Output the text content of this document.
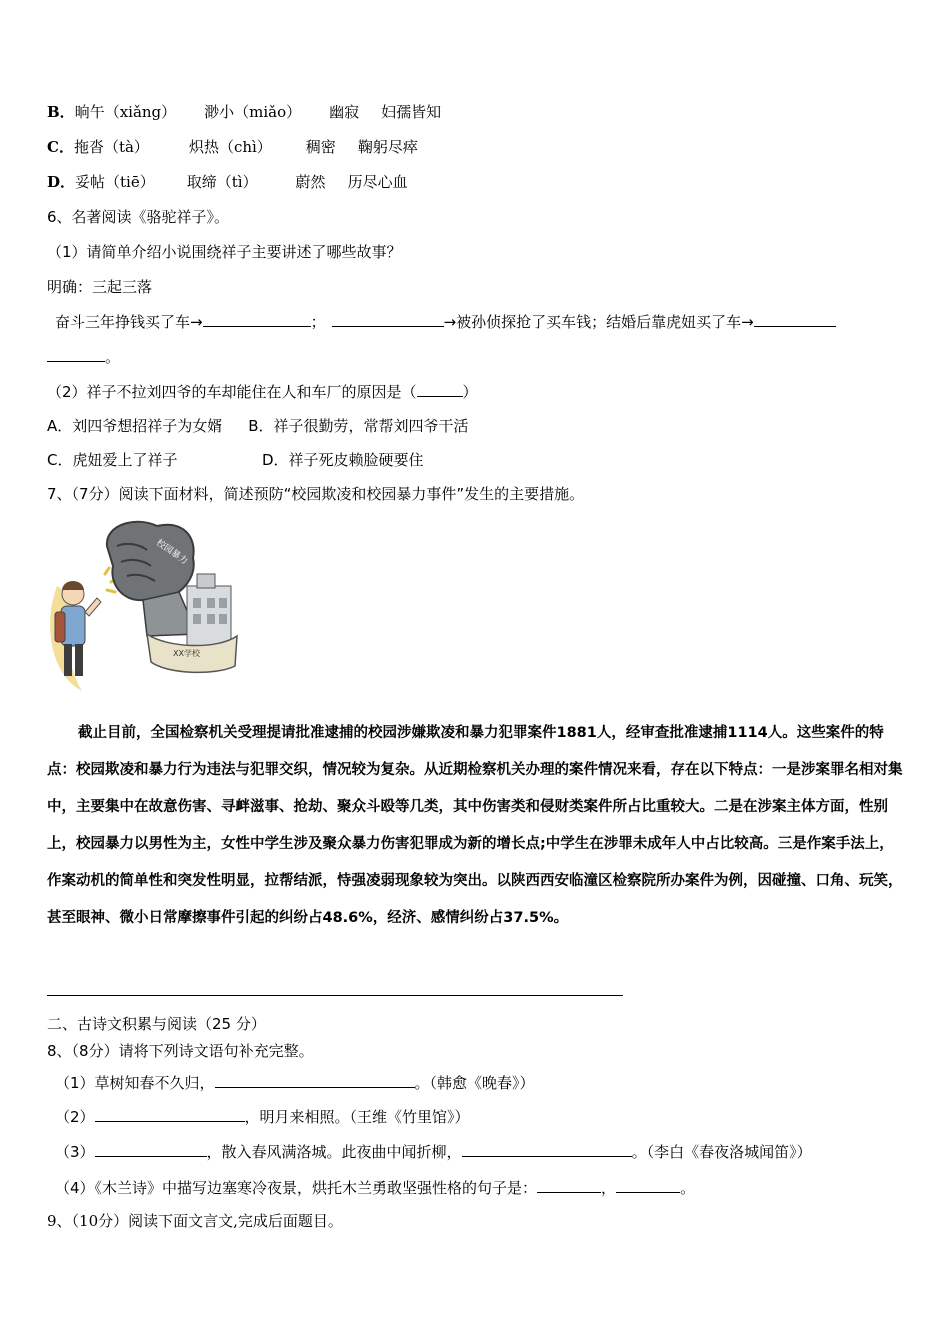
B．晌午（xiǎng） 渺小（miǎo） 幽寂 妇孺皆知
C．拖沓（tà）	炽热（chì） 稠密 鞠躬尽瘁
D．妥帖（tiē） 取缔（tì）	蔚然 历尽心血
6、名著阅读《骆驼祥子》。
（1）请简单介绍小说围绕祥子主要讲述了哪些故事？
明确：三起三落
奋斗三年挣钱买了车→	；	→被孙侦探抢了买车钱；结婚后靠虎妞买了车→
。
（2）祥子不拉刘四爷的车却能住在人和车厂的原因是（	）
A．刘四爷想招祥子为女婿 B．祥子很勤劳，常帮刘四爷干活
C．虎妞爱上了祥子	D．祥子死皮赖脸硬要住
7、（7分）阅读下面材料，简述预防“校园欺凌和校园暴力事件”发生的主要措施。
校园暴力
XX学校
截止目前，全国检察机关受理提请批准逮捕的校园涉嫌欺凌和暴力犯罪案件1881人，经审查批准逮捕1114人。这些案件的特点：校园欺凌和暴力行为违法与犯罪交织，情况较为复杂。从近期检察机关办理的案件情况来看，存在以下特点：一是涉案罪名相对集中，主要集中在故意伤害、寻衅滋事、抢劫、聚众斗殴等几类，其中伤害类和侵财类案件所占比重较大。二是在涉案主体方面，性别上，校园暴力以男性为主，女性中学生涉及聚众暴力伤害犯罪成为新的增长点;中学生在涉罪未成年人中占比较高。三是作案手法上，作案动机的简单性和突发性明显，拉帮结派，恃强凌弱现象较为突出。以陕西西安临潼区检察院所办案件为例，因碰撞、口角、玩笑，甚至眼神、微小日常摩擦事件引起的纠纷占48.6%，经济、感情纠纷占37.5%。
二、古诗文积累与阅读（25 分）
8、（8分）请将下列诗文语句补充完整。
（1）草树知春不久归，	。（韩愈《晚春》）
（2）	，明月来相照。（王维《竹里馆》）
（3）	，散入春风满洛城。此夜曲中闻折柳，	。（李白《春夜洛城闻笛》）
（4）《木兰诗》中描写边塞寒冷夜景，烘托木兰勇敢坚强性格的句子是：	，	。
9、（10分）阅读下面文言文,完成后面题目。
